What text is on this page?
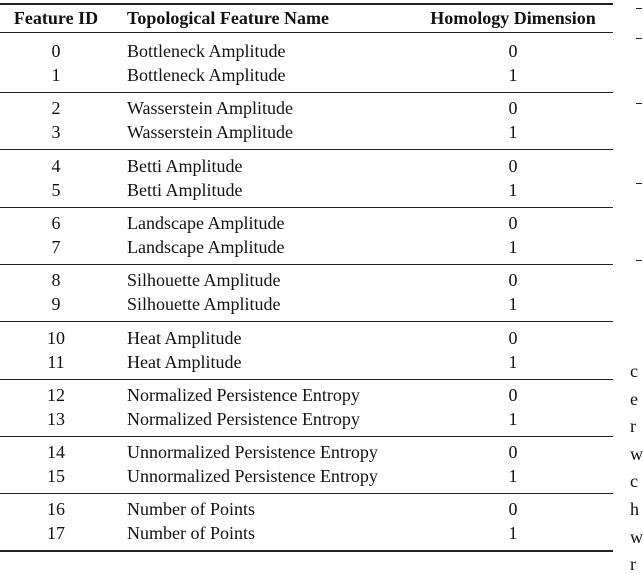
Feature ID	Topological Feature Name	Homology Dimension
0	Bottleneck Amplitude	0
1	Bottleneck Amplitude	1
2	Wasserstein Amplitude	0
3	Wasserstein Amplitude	1
4	Betti Amplitude	0
5	Betti Amplitude	1
6	Landscape Amplitude	0
7	Landscape Amplitude	1
8	Silhouette Amplitude	0
9	Silhouette Amplitude	1
10	Heat Amplitude	0
11	Heat Amplitude	1
12	Normalized Persistence Entropy	0
13	Normalized Persistence Entropy	1
14	Unnormalized Persistence Entropy	0
15	Unnormalized Persistence Entropy	1
16	Number of Points	0
17	Number of Points	1
c
e
r
w
c
h
w
r
